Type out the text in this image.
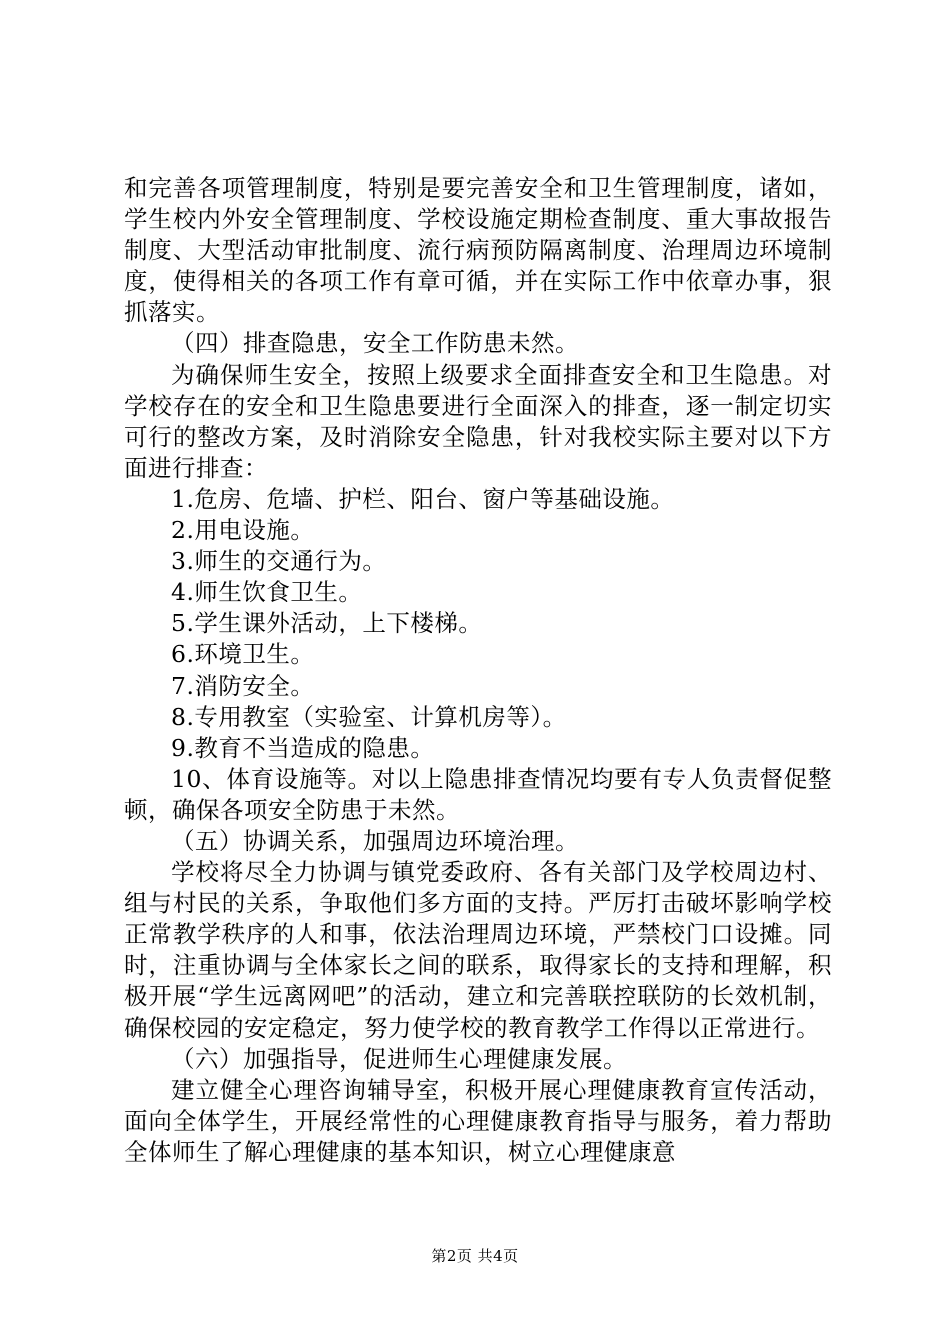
和完善各项管理制度，特别是要完善安全和卫生管理制度，诸如，学生校内外安全管理制度、学校设施定期检查制度、重大事故报告制度、大型活动审批制度、流行病预防隔离制度、治理周边环境制度，使得相关的各项工作有章可循，并在实际工作中依章办事，狠抓落实。

（四）排查隐患，安全工作防患未然。

为确保师生安全，按照上级要求全面排查安全和卫生隐患。对学校存在的安全和卫生隐患要进行全面深入的排查，逐一制定切实可行的整改方案，及时消除安全隐患，针对我校实际主要对以下方面进行排查：

1.危房、危墙、护栏、阳台、窗户等基础设施。

2.用电设施。

3.师生的交通行为。

4.师生饮食卫生。

5.学生课外活动，上下楼梯。

6.环境卫生。

7.消防安全。

8.专用教室（实验室、计算机房等）。

9.教育不当造成的隐患。

10、体育设施等。对以上隐患排查情况均要有专人负责督促整顿，确保各项安全防患于未然。

（五）协调关系，加强周边环境治理。

学校将尽全力协调与镇党委政府、各有关部门及学校周边村、组与村民的关系，争取他们多方面的支持。严厉打击破坏影响学校正常教学秩序的人和事，依法治理周边环境，严禁校门口设摊。同时，注重协调与全体家长之间的联系，取得家长的支持和理解，积极开展“学生远离网吧”的活动，建立和完善联控联防的长效机制，确保校园的安定稳定，努力使学校的教育教学工作得以正常进行。

（六）加强指导，促进师生心理健康发展。

建立健全心理咨询辅导室，积极开展心理健康教育宣传活动，面向全体学生，开展经常性的心理健康教育指导与服务，着力帮助全体师生了解心理健康的基本知识，树立心理健康意

第2页 共4页
